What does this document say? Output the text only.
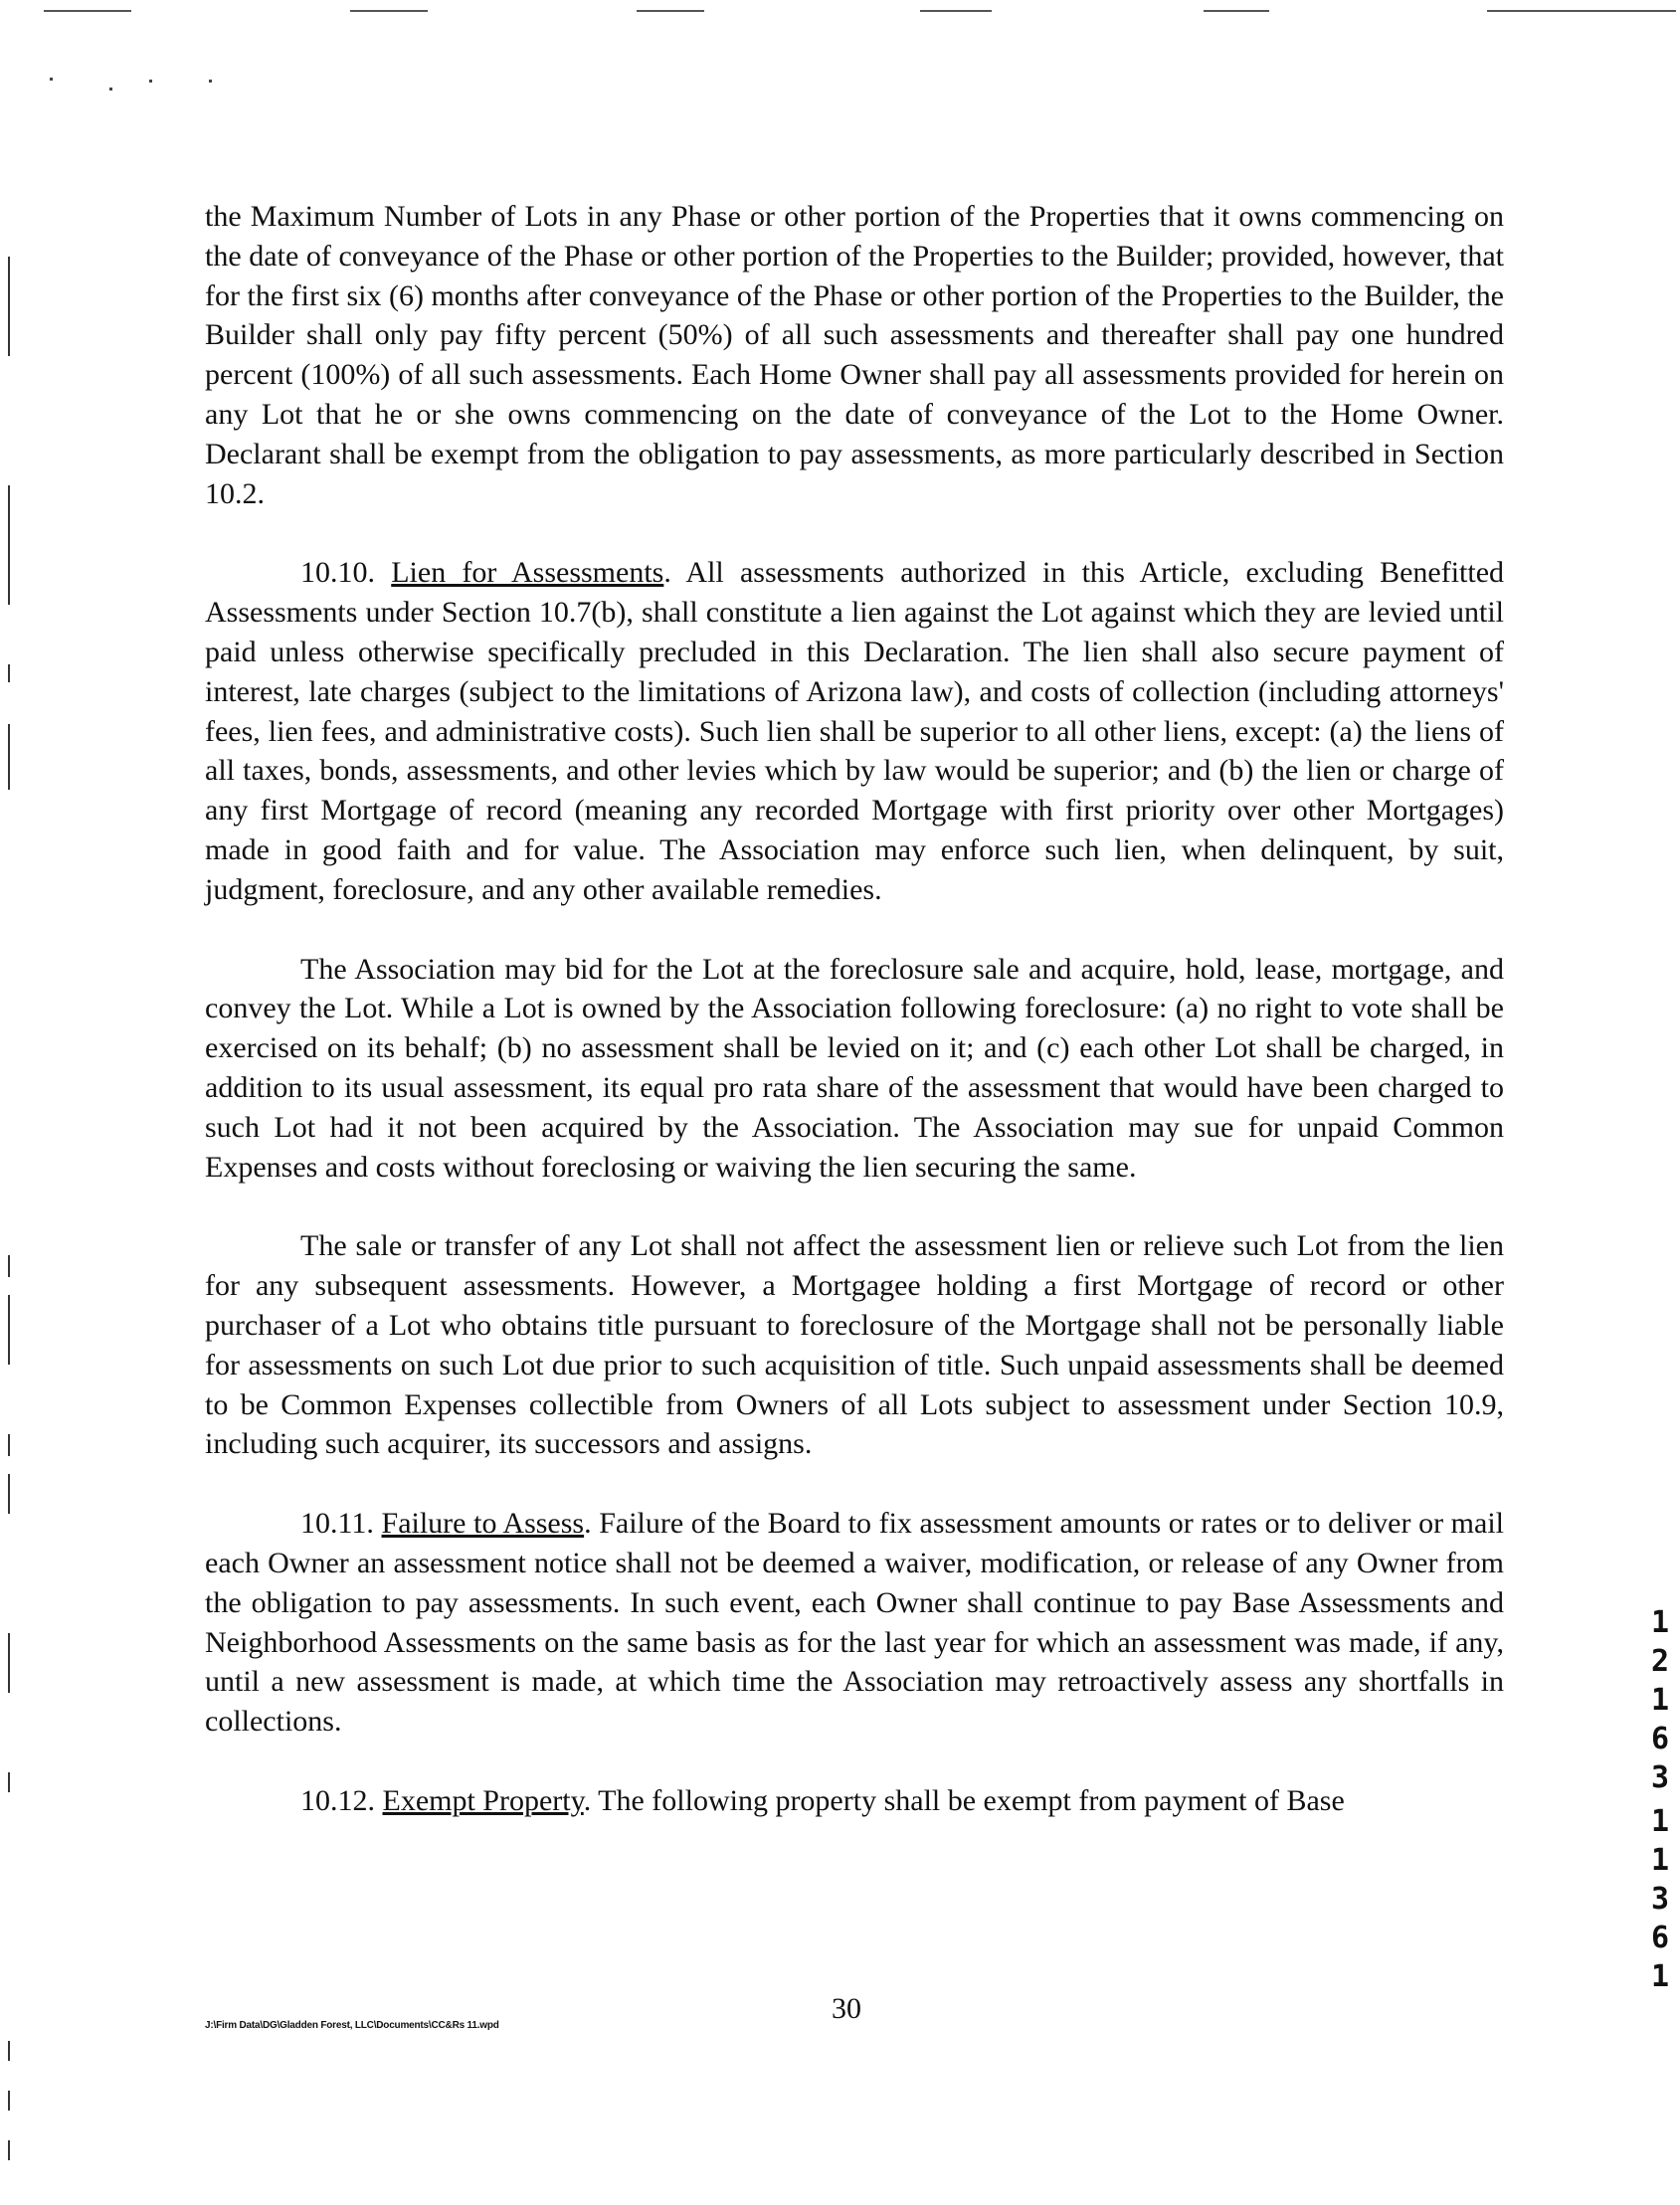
the Maximum Number of Lots in any Phase or other portion of the Properties that it owns commencing on the date of conveyance of the Phase or other portion of the Properties to the Builder; provided, however, that for the first six (6) months after conveyance of the Phase or other portion of the Properties to the Builder, the Builder shall only pay fifty percent (50%) of all such assessments and thereafter shall pay one hundred percent (100%) of all such assessments. Each Home Owner shall pay all assessments provided for herein on any Lot that he or she owns commencing on the date of conveyance of the Lot to the Home Owner. Declarant shall be exempt from the obligation to pay assessments, as more particularly described in Section 10.2.

10.10. Lien for Assessments. All assessments authorized in this Article, excluding Benefitted Assessments under Section 10.7(b), shall constitute a lien against the Lot against which they are levied until paid unless otherwise specifically precluded in this Declaration. The lien shall also secure payment of interest, late charges (subject to the limitations of Arizona law), and costs of collection (including attorneys' fees, lien fees, and administrative costs). Such lien shall be superior to all other liens, except: (a) the liens of all taxes, bonds, assessments, and other levies which by law would be superior; and (b) the lien or charge of any first Mortgage of record (meaning any recorded Mortgage with first priority over other Mortgages) made in good faith and for value. The Association may enforce such lien, when delinquent, by suit, judgment, foreclosure, and any other available remedies.

The Association may bid for the Lot at the foreclosure sale and acquire, hold, lease, mortgage, and convey the Lot. While a Lot is owned by the Association following foreclosure: (a) no right to vote shall be exercised on its behalf; (b) no assessment shall be levied on it; and (c) each other Lot shall be charged, in addition to its usual assessment, its equal pro rata share of the assessment that would have been charged to such Lot had it not been acquired by the Association. The Association may sue for unpaid Common Expenses and costs without foreclosing or waiving the lien securing the same.

The sale or transfer of any Lot shall not affect the assessment lien or relieve such Lot from the lien for any subsequent assessments. However, a Mortgagee holding a first Mortgage of record or other purchaser of a Lot who obtains title pursuant to foreclosure of the Mortgage shall not be personally liable for assessments on such Lot due prior to such acquisition of title. Such unpaid assessments shall be deemed to be Common Expenses collectible from Owners of all Lots subject to assessment under Section 10.9, including such acquirer, its successors and assigns.

10.11. Failure to Assess. Failure of the Board to fix assessment amounts or rates or to deliver or mail each Owner an assessment notice shall not be deemed a waiver, modification, or release of any Owner from the obligation to pay assessments. In such event, each Owner shall continue to pay Base Assessments and Neighborhood Assessments on the same basis as for the last year for which an assessment was made, if any, until a new assessment is made, at which time the Association may retroactively assess any shortfalls in collections.

10.12. Exempt Property. The following property shall be exempt from payment of Base

J:\Firm Data\DG\Gladden Forest, LLC\Documents\CC&Rs 11.wpd
30
1
2
1
6
3
1
1
3
6
1
